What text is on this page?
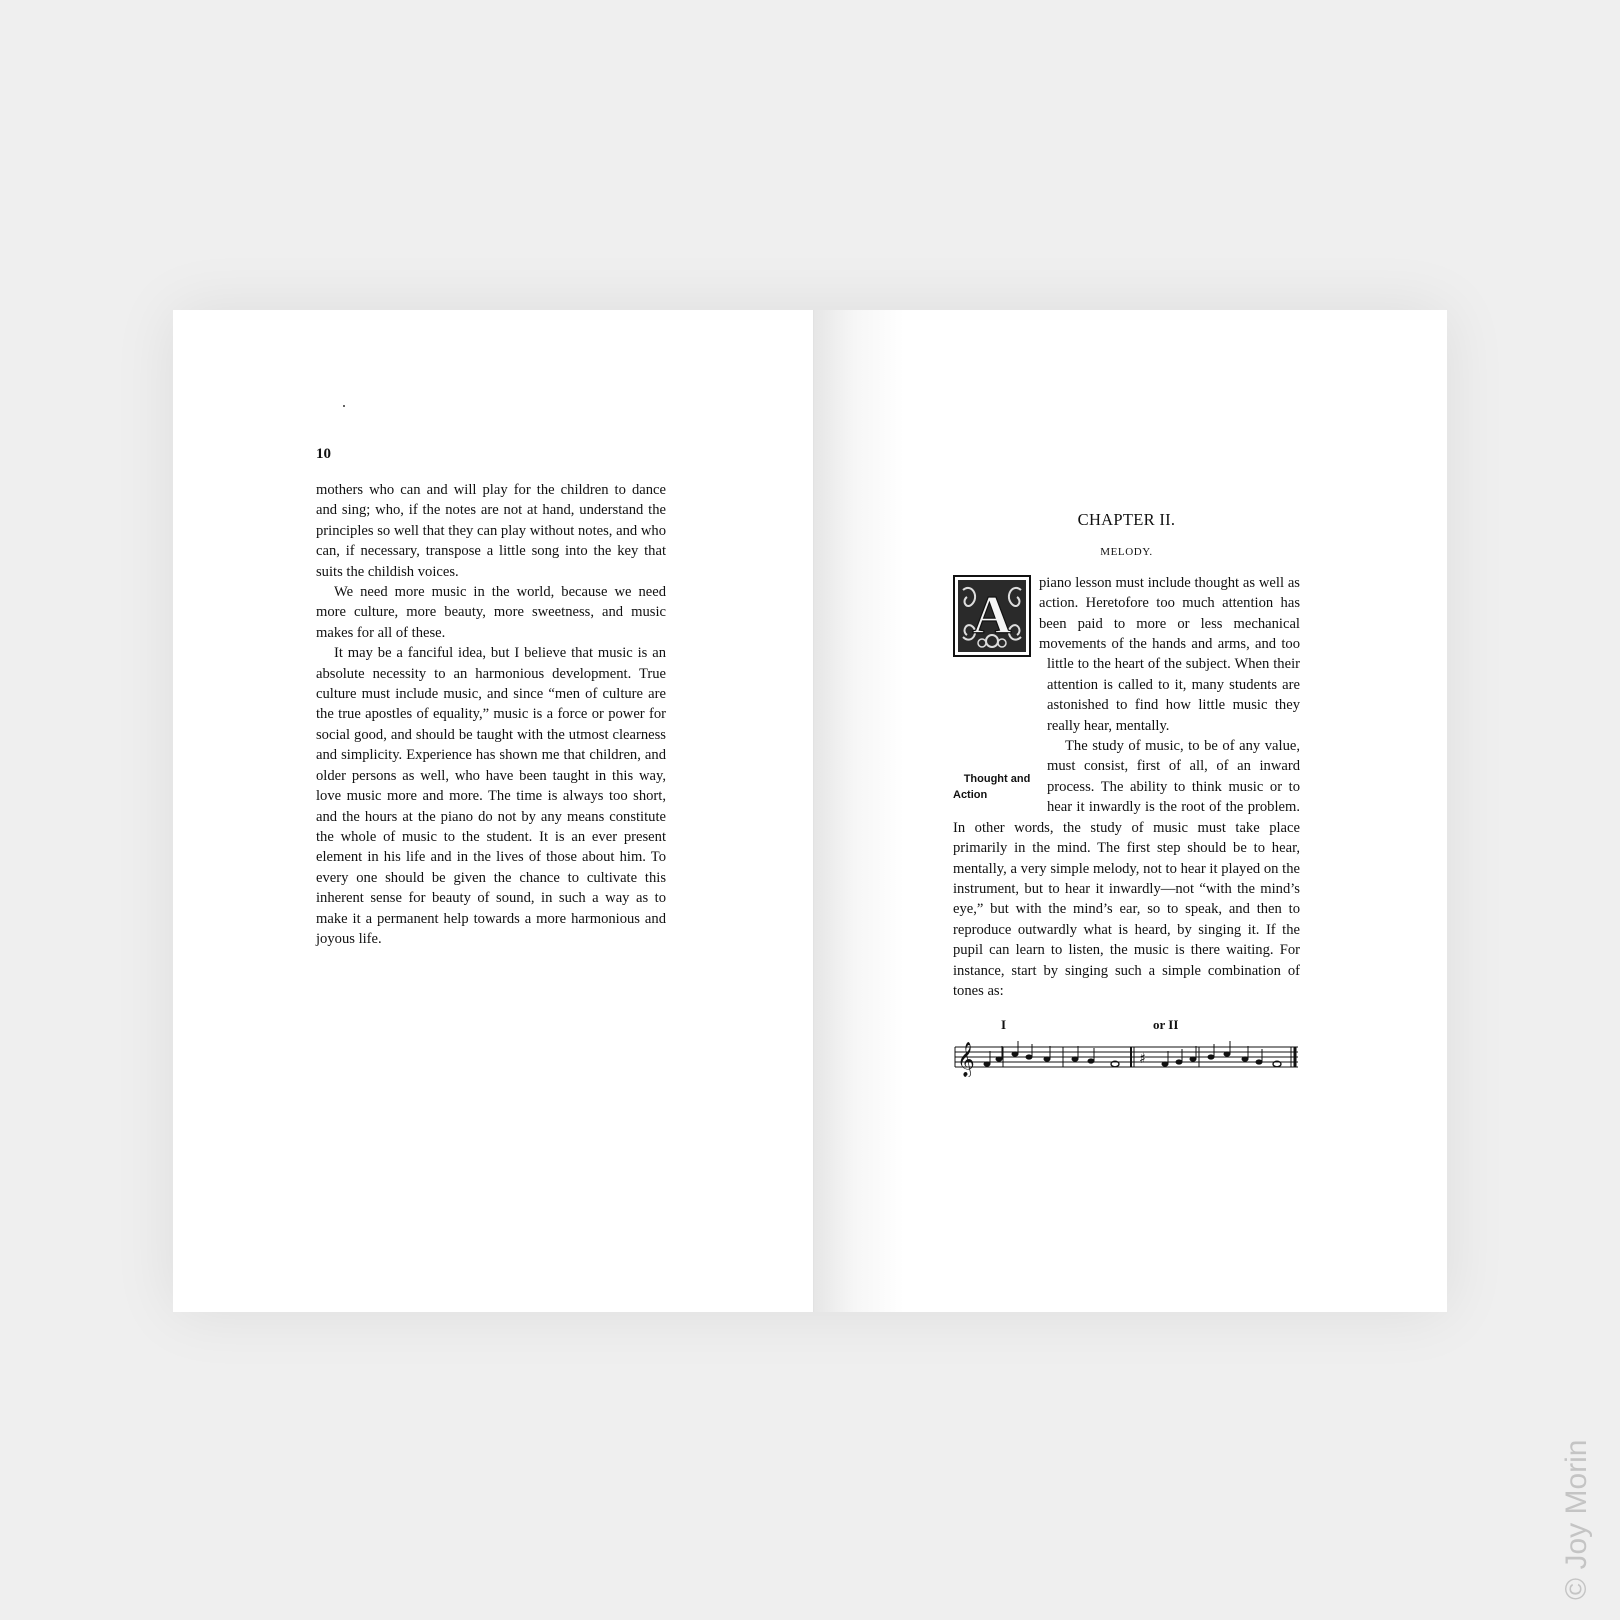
10

mothers who can and will play for the children to dance and sing; who, if the notes are not at hand, understand the principles so well that they can play without notes, and who can, if necessary, transpose a little song into the key that suits the childish voices.

We need more music in the world, because we need more culture, more beauty, more sweetness, and music makes for all of these.

It may be a fanciful idea, but I believe that music is an absolute necessity to an harmonious development. True culture must include music, and since “men of culture are the true apostles of equality,” music is a force or power for social good, and should be taught with the utmost clearness and simplicity. Experience has shown me that children, and older persons as well, who have been taught in this way, love music more and more. The time is always too short, and the hours at the piano do not by any means constitute the whole of music to the student. It is an ever present element in his life and in the lives of those about him. To every one should be given the chance to cultivate this inherent sense for beauty of sound, in such a way as to make it a permanent help towards a more harmonious and joyous life.

CHAPTER II.
MELODY.
A

Thought and Action
piano lesson must include thought as well as action. Heretofore too much attention has been paid to more or less mechanical movements of the hands and arms, and too little to the heart of the subject. When their attention is called to it, many students are astonished to find how little music they really hear, mentally.

The study of music, to be of any value, must consist, first of all, of an inward process. The ability to think music or to hear it inwardly is the root of the problem. In other words, the study of music must take place primarily in the mind. The first step should be to hear, mentally, a very simple melody, not to hear it played on the instrument, but to hear it inwardly—not “with the mind’s eye,” but with the mind’s ear, so to speak, and then to reproduce outwardly what is heard, by singing it. If the pupil can learn to listen, the music is there waiting. For instance, start by singing such a simple combination of tones as:

I	or II
𝄞	♯
© Joy Morin
